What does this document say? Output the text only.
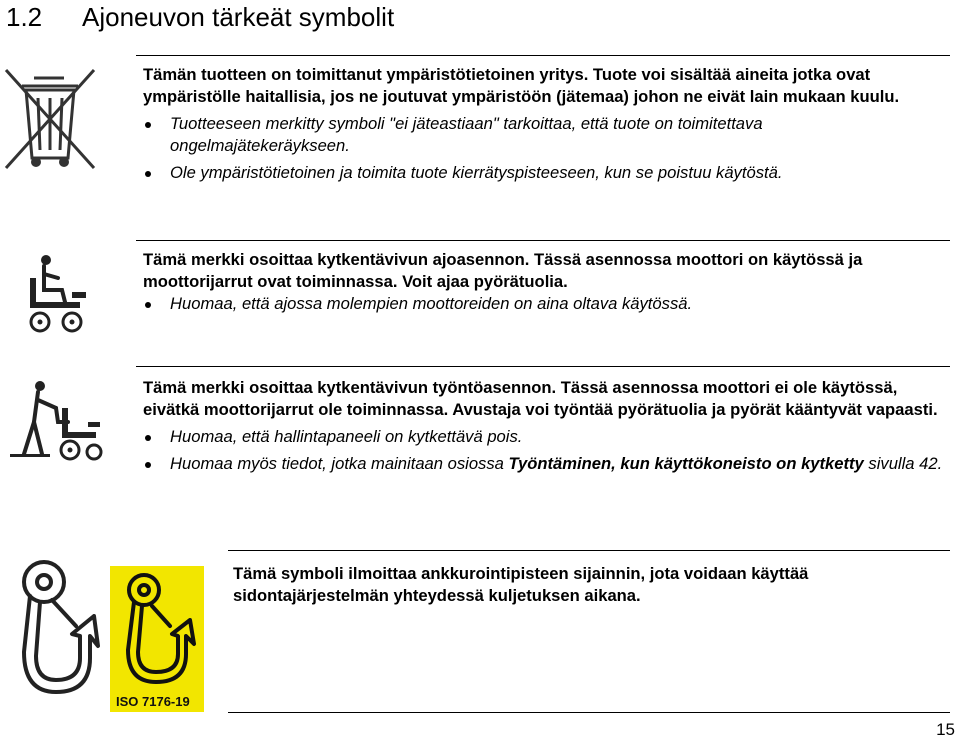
1.2 Ajoneuvon tärkeät symbolit

Tämän tuotteen on toimittanut ympäristötietoinen yritys. Tuote voi sisältää aineita jotka ovat ympäristölle haitallisia, jos ne joutuvat ympäristöön (jätemaa) johon ne eivät lain mukaan kuulu.

Tuotteeseen merkitty symboli "ei jäteastiaan" tarkoittaa, että tuote on toimitettava ongelmajätekeräykseen.
Ole ympäristötietoinen ja toimita tuote kierrätyspisteeseen, kun se poistuu käytöstä.

Tämä merkki osoittaa kytkentävivun ajoasennon. Tässä asennossa moottori on käytössä ja moottorijarrut ovat toiminnassa. Voit ajaa pyörätuolia.

Huomaa, että ajossa molempien moottoreiden on aina oltava käytössä.

Tämä merkki osoittaa kytkentävivun työntöasennon. Tässä asennossa moottori ei ole käytössä, eivätkä moottorijarrut ole toiminnassa. Avustaja voi työntää pyörätuolia ja pyörät kääntyvät vapaasti.

Huomaa, että hallintapaneeli on kytkettävä pois.
Huomaa myös tiedot, jotka mainitaan osiossa Työntäminen, kun käyttökoneisto on kytketty sivulla 42.
ISO 7176-19

Tämä symboli ilmoittaa ankkurointipisteen sijainnin, jota voidaan käyttää sidontajärjestelmän yhteydessä kuljetuksen aikana.

15
